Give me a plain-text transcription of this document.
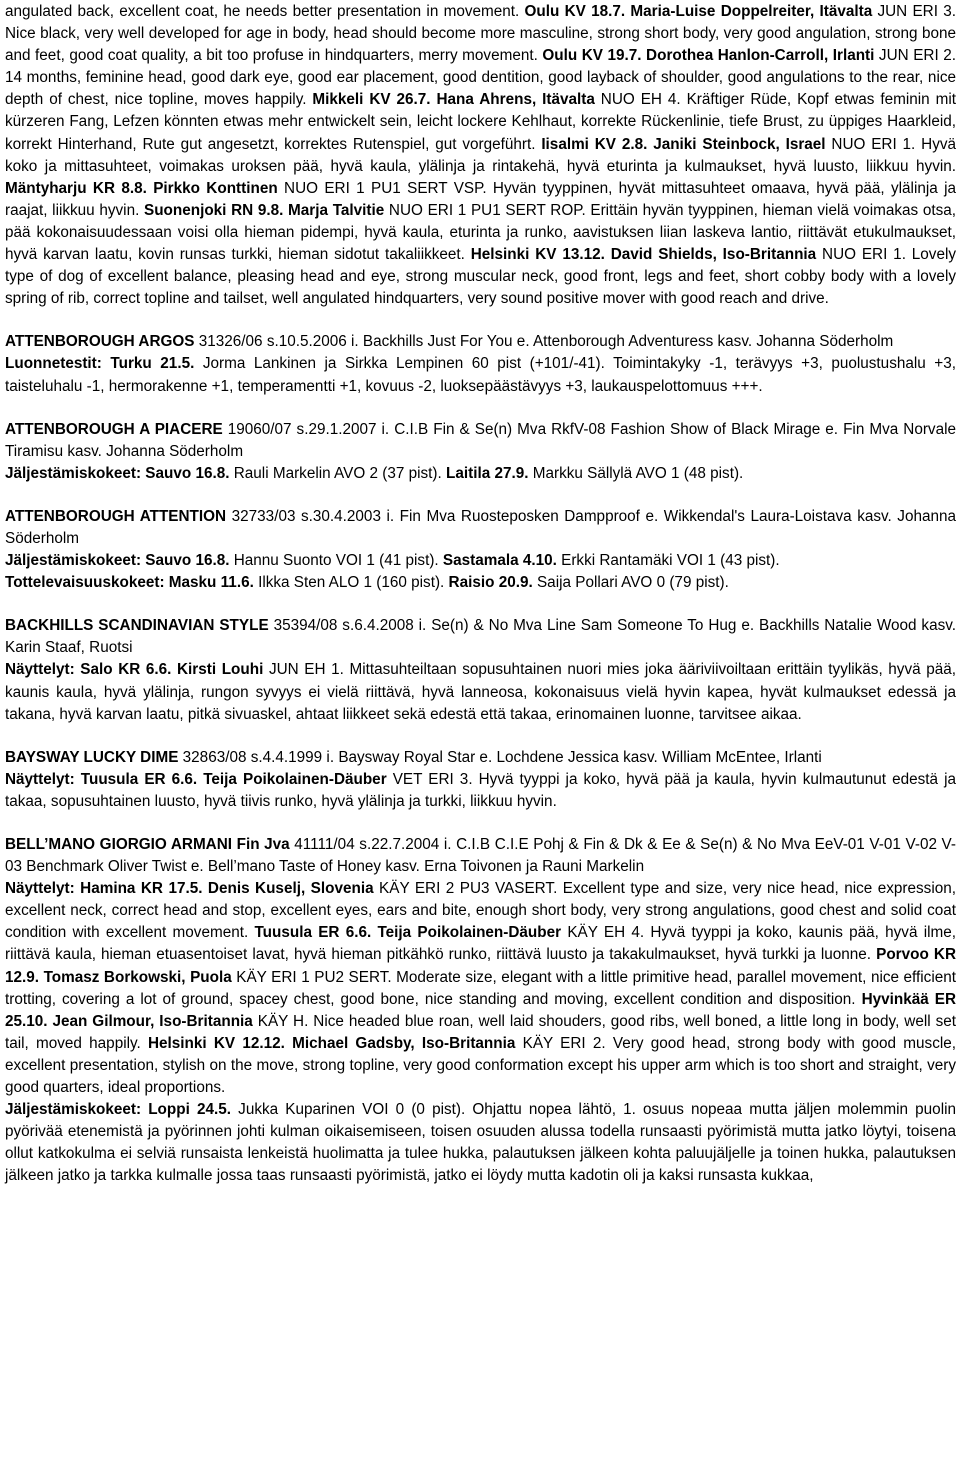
angulated back, excellent coat, he needs better presentation in movement. Oulu KV 18.7. Maria-Luise Doppelreiter, Itävalta JUN ERI 3. Nice black, very well developed for age in body, head should become more masculine, strong short body, very good angulation, strong bone and feet, good coat quality, a bit too profuse in hindquarters, merry movement. Oulu KV 19.7. Dorothea Hanlon-Carroll, Irlanti JUN ERI 2. 14 months, feminine head, good dark eye, good ear placement, good dentition, good layback of shoulder, good angulations to the rear, nice depth of chest, nice topline, moves happily. Mikkeli KV 26.7. Hana Ahrens, Itävalta NUO EH 4. Kräftiger Rüde, Kopf etwas feminin mit kürzeren Fang, Lefzen könnten etwas mehr entwickelt sein, leicht lockere Kehlhaut, korrekte Rückenlinie, tiefe Brust, zu üppiges Haarkleid, korrekt Hinterhand, Rute gut angesetzt, korrektes Rutenspiel, gut vorgeführt. Iisalmi KV 2.8. Janiki Steinbock, Israel NUO ERI 1. Hyvä koko ja mittasuhteet, voimakas uroksen pää, hyvä kaula, ylälinja ja rintakehä, hyvä eturinta ja kulmaukset, hyvä luusto, liikkuu hyvin. Mäntyharju KR 8.8. Pirkko Konttinen NUO ERI 1 PU1 SERT VSP. Hyvän tyyppinen, hyvät mittasuhteet omaava, hyvä pää, ylälinja ja raajat, liikkuu hyvin. Suonenjoki RN 9.8. Marja Talvitie NUO ERI 1 PU1 SERT ROP. Erittäin hyvän tyyppinen, hieman vielä voimakas otsa, pää kokonaisuudessaan voisi olla hieman pidempi, hyvä kaula, eturinta ja runko, aavistuksen liian laskeva lantio, riittävät etukulmaukset, hyvä karvan laatu, kovin runsas turkki, hieman sidotut takaliikkeet. Helsinki KV 13.12. David Shields, Iso-Britannia NUO ERI 1. Lovely type of dog of excellent balance, pleasing head and eye, strong muscular neck, good front, legs and feet, short cobby body with a lovely spring of rib, correct topline and tailset, well angulated hindquarters, very sound positive mover with good reach and drive.

ATTENBOROUGH ARGOS 31326/06 s.10.5.2006 i. Backhills Just For You e. Attenborough Adventuress kasv. Johanna Söderholm

Luonnetestit: Turku 21.5. Jorma Lankinen ja Sirkka Lempinen 60 pist (+101/-41). Toimintakyky -1, terävyys +3, puolustushalu +3, taisteluhalu -1, hermorakenne +1, temperamentti +1, kovuus -2, luoksepäästävyys +3, laukauspelottomuus +++.

ATTENBOROUGH A PIACERE 19060/07 s.29.1.2007 i. C.I.B Fin & Se(n) Mva RkfV-08 Fashion Show of Black Mirage e. Fin Mva Norvale Tiramisu kasv. Johanna Söderholm

Jäljestämiskokeet: Sauvo 16.8. Rauli Markelin AVO 2 (37 pist). Laitila 27.9. Markku Sällylä AVO 1 (48 pist).

ATTENBOROUGH ATTENTION 32733/03 s.30.4.2003 i. Fin Mva Ruosteposken Dampproof e. Wikkendal's Laura-Loistava kasv. Johanna Söderholm

Jäljestämiskokeet: Sauvo 16.8. Hannu Suonto VOI 1 (41 pist). Sastamala 4.10. Erkki Rantamäki VOI 1 (43 pist).

Tottelevaisuuskokeet: Masku 11.6. Ilkka Sten ALO 1 (160 pist). Raisio 20.9. Saija Pollari AVO 0 (79 pist).

BACKHILLS SCANDINAVIAN STYLE 35394/08 s.6.4.2008 i. Se(n) & No Mva Line Sam Someone To Hug e. Backhills Natalie Wood kasv. Karin Staaf, Ruotsi

Näyttelyt: Salo KR 6.6. Kirsti Louhi JUN EH 1. Mittasuhteiltaan sopusuhtainen nuori mies joka ääriviivoiltaan erittäin tyylikäs, hyvä pää, kaunis kaula, hyvä ylälinja, rungon syvyys ei vielä riittävä, hyvä lanneosa, kokonaisuus vielä hyvin kapea, hyvät kulmaukset edessä ja takana, hyvä karvan laatu, pitkä sivuaskel, ahtaat liikkeet sekä edestä että takaa, erinomainen luonne, tarvitsee aikaa.

BAYSWAY LUCKY DIME 32863/08 s.4.4.1999 i. Baysway Royal Star e. Lochdene Jessica kasv. William McEntee, Irlanti

Näyttelyt: Tuusula ER 6.6. Teija Poikolainen-Däuber VET ERI 3. Hyvä tyyppi ja koko, hyvä pää ja kaula, hyvin kulmautunut edestä ja takaa, sopusuhtainen luusto, hyvä tiivis runko, hyvä ylälinja ja turkki, liikkuu hyvin.

BELL’MANO GIORGIO ARMANI Fin Jva 41111/04 s.22.7.2004 i. C.I.B C.I.E Pohj & Fin & Dk & Ee & Se(n) & No Mva EeV-01 V-01 V-02 V-03 Benchmark Oliver Twist e. Bell’mano Taste of Honey kasv. Erna Toivonen ja Rauni Markelin

Näyttelyt: Hamina KR 17.5. Denis Kuselj, Slovenia KÄY ERI 2 PU3 VASERT. Excellent type and size, very nice head, nice expression, excellent neck, correct head and stop, excellent eyes, ears and bite, enough short body, very strong angulations, good chest and solid coat condition with excellent movement. Tuusula ER 6.6. Teija Poikolainen-Däuber KÄY EH 4. Hyvä tyyppi ja koko, kaunis pää, hyvä ilme, riittävä kaula, hieman etuasentoiset lavat, hyvä hieman pitkähkö runko, riittävä luusto ja takakulmaukset, hyvä turkki ja luonne. Porvoo KR 12.9. Tomasz Borkowski, Puola KÄY ERI 1 PU2 SERT. Moderate size, elegant with a little primitive head, parallel movement, nice efficient trotting, covering a lot of ground, spacey chest, good bone, nice standing and moving, excellent condition and disposition. Hyvinkää ER 25.10. Jean Gilmour, Iso-Britannia KÄY H. Nice headed blue roan, well laid shouders, good ribs, well boned, a little long in body, well set tail, moved happily. Helsinki KV 12.12. Michael Gadsby, Iso-Britannia KÄY ERI 2. Very good head, strong body with good muscle, excellent presentation, stylish on the move, strong topline, very good conformation except his upper arm which is too short and straight, very good quarters, ideal proportions.

Jäljestämiskokeet: Loppi 24.5. Jukka Kuparinen VOI 0 (0 pist). Ohjattu nopea lähtö, 1. osuus nopeaa mutta jäljen molemmin puolin pyörivää etenemistä ja pyörinnen johti kulman oikaisemiseen, toisen osuuden alussa todella runsaasti pyörimistä mutta jatko löytyi, toisena ollut katkokulma ei selviä runsaista lenkeistä huolimatta ja tulee hukka, palautuksen jälkeen kohta paluujäljelle ja toinen hukka, palautuksen jälkeen jatko ja tarkka kulmalle jossa taas runsaasti pyörimistä, jatko ei löydy mutta kadotin oli ja kaksi runsasta kukkaa,
